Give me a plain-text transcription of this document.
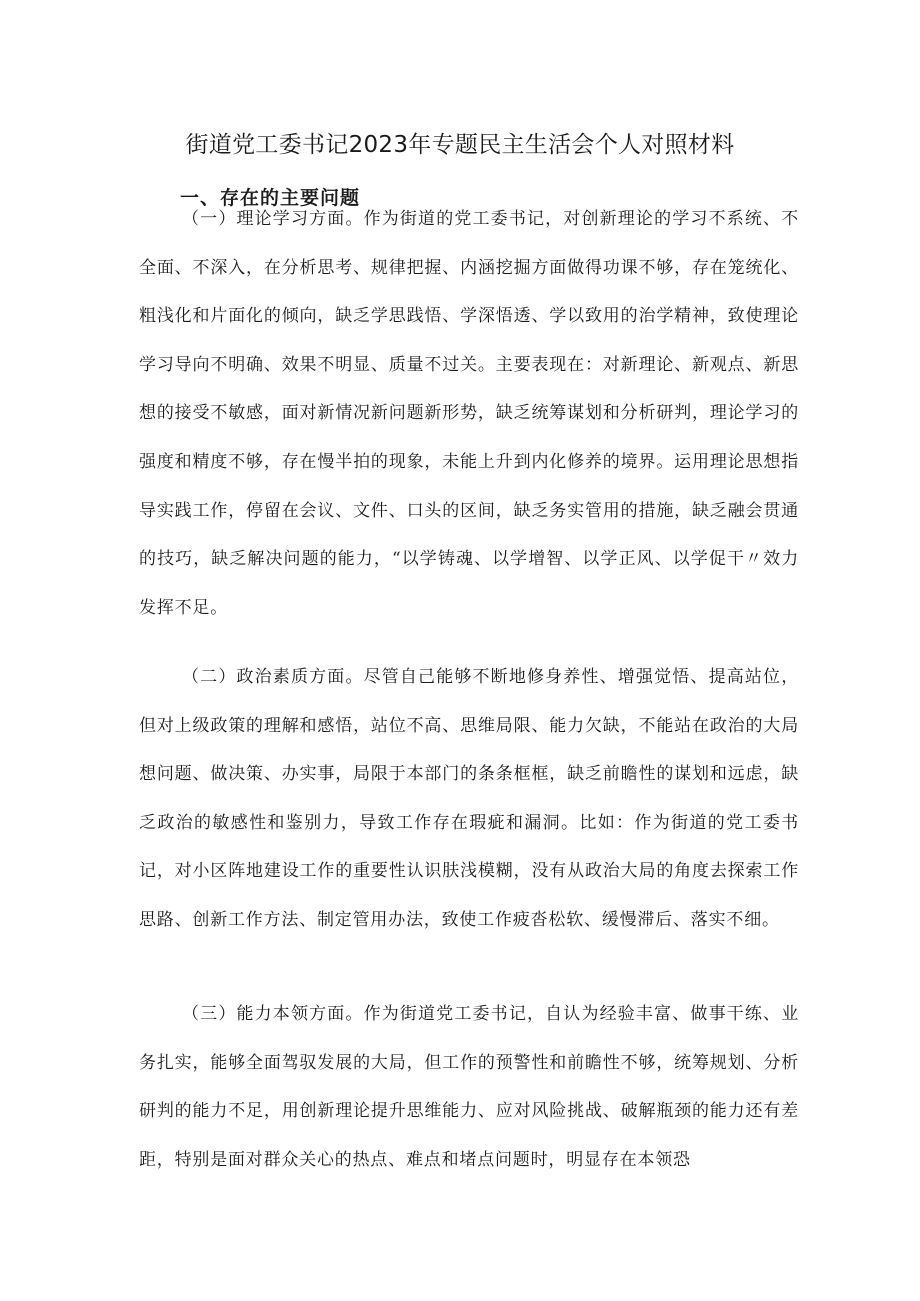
街道党工委书记2023年专题民主生活会个人对照材料
一、存在的主要问题

（一）理论学习方面。作为街道的党工委书记，对创新理论的学习不系统、不全面、不深入，在分析思考、规律把握、内涵挖掘方面做得功课不够，存在笼统化、粗浅化和片面化的倾向，缺乏学思践悟、学深悟透、学以致用的治学精神，致使理论学习导向不明确、效果不明显、质量不过关。主要表现在：对新理论、新观点、新思想的接受不敏感，面对新情况新问题新形势，缺乏统筹谋划和分析研判，理论学习的强度和精度不够，存在慢半拍的现象，未能上升到内化修养的境界。运用理论思想指导实践工作，停留在会议、文件、口头的区间，缺乏务实管用的措施，缺乏融会贯通的技巧，缺乏解决问题的能力，“以学铸魂、以学增智、以学正风、以学促干〃效力发挥不足。

（二）政治素质方面。尽管自己能够不断地修身养性、增强觉悟、提高站位，但对上级政策的理解和感悟，站位不高、思维局限、能力欠缺，不能站在政治的大局想问题、做决策、办实事，局限于本部门的条条框框，缺乏前瞻性的谋划和远虑，缺乏政治的敏感性和鉴别力，导致工作存在瑕疵和漏洞。比如：作为街道的党工委书记，对小区阵地建设工作的重要性认识肤浅模糊，没有从政治大局的角度去探索工作思路、创新工作方法、制定管用办法，致使工作疲沓松软、缓慢滞后、落实不细。

（三）能力本领方面。作为街道党工委书记，自认为经验丰富、做事干练、业务扎实，能够全面驾驭发展的大局，但工作的预警性和前瞻性不够，统筹规划、分析研判的能力不足，用创新理论提升思维能力、应对风险挑战、破解瓶颈的能力还有差距，特别是面对群众关心的热点、难点和堵点问题时，明显存在本领恐
